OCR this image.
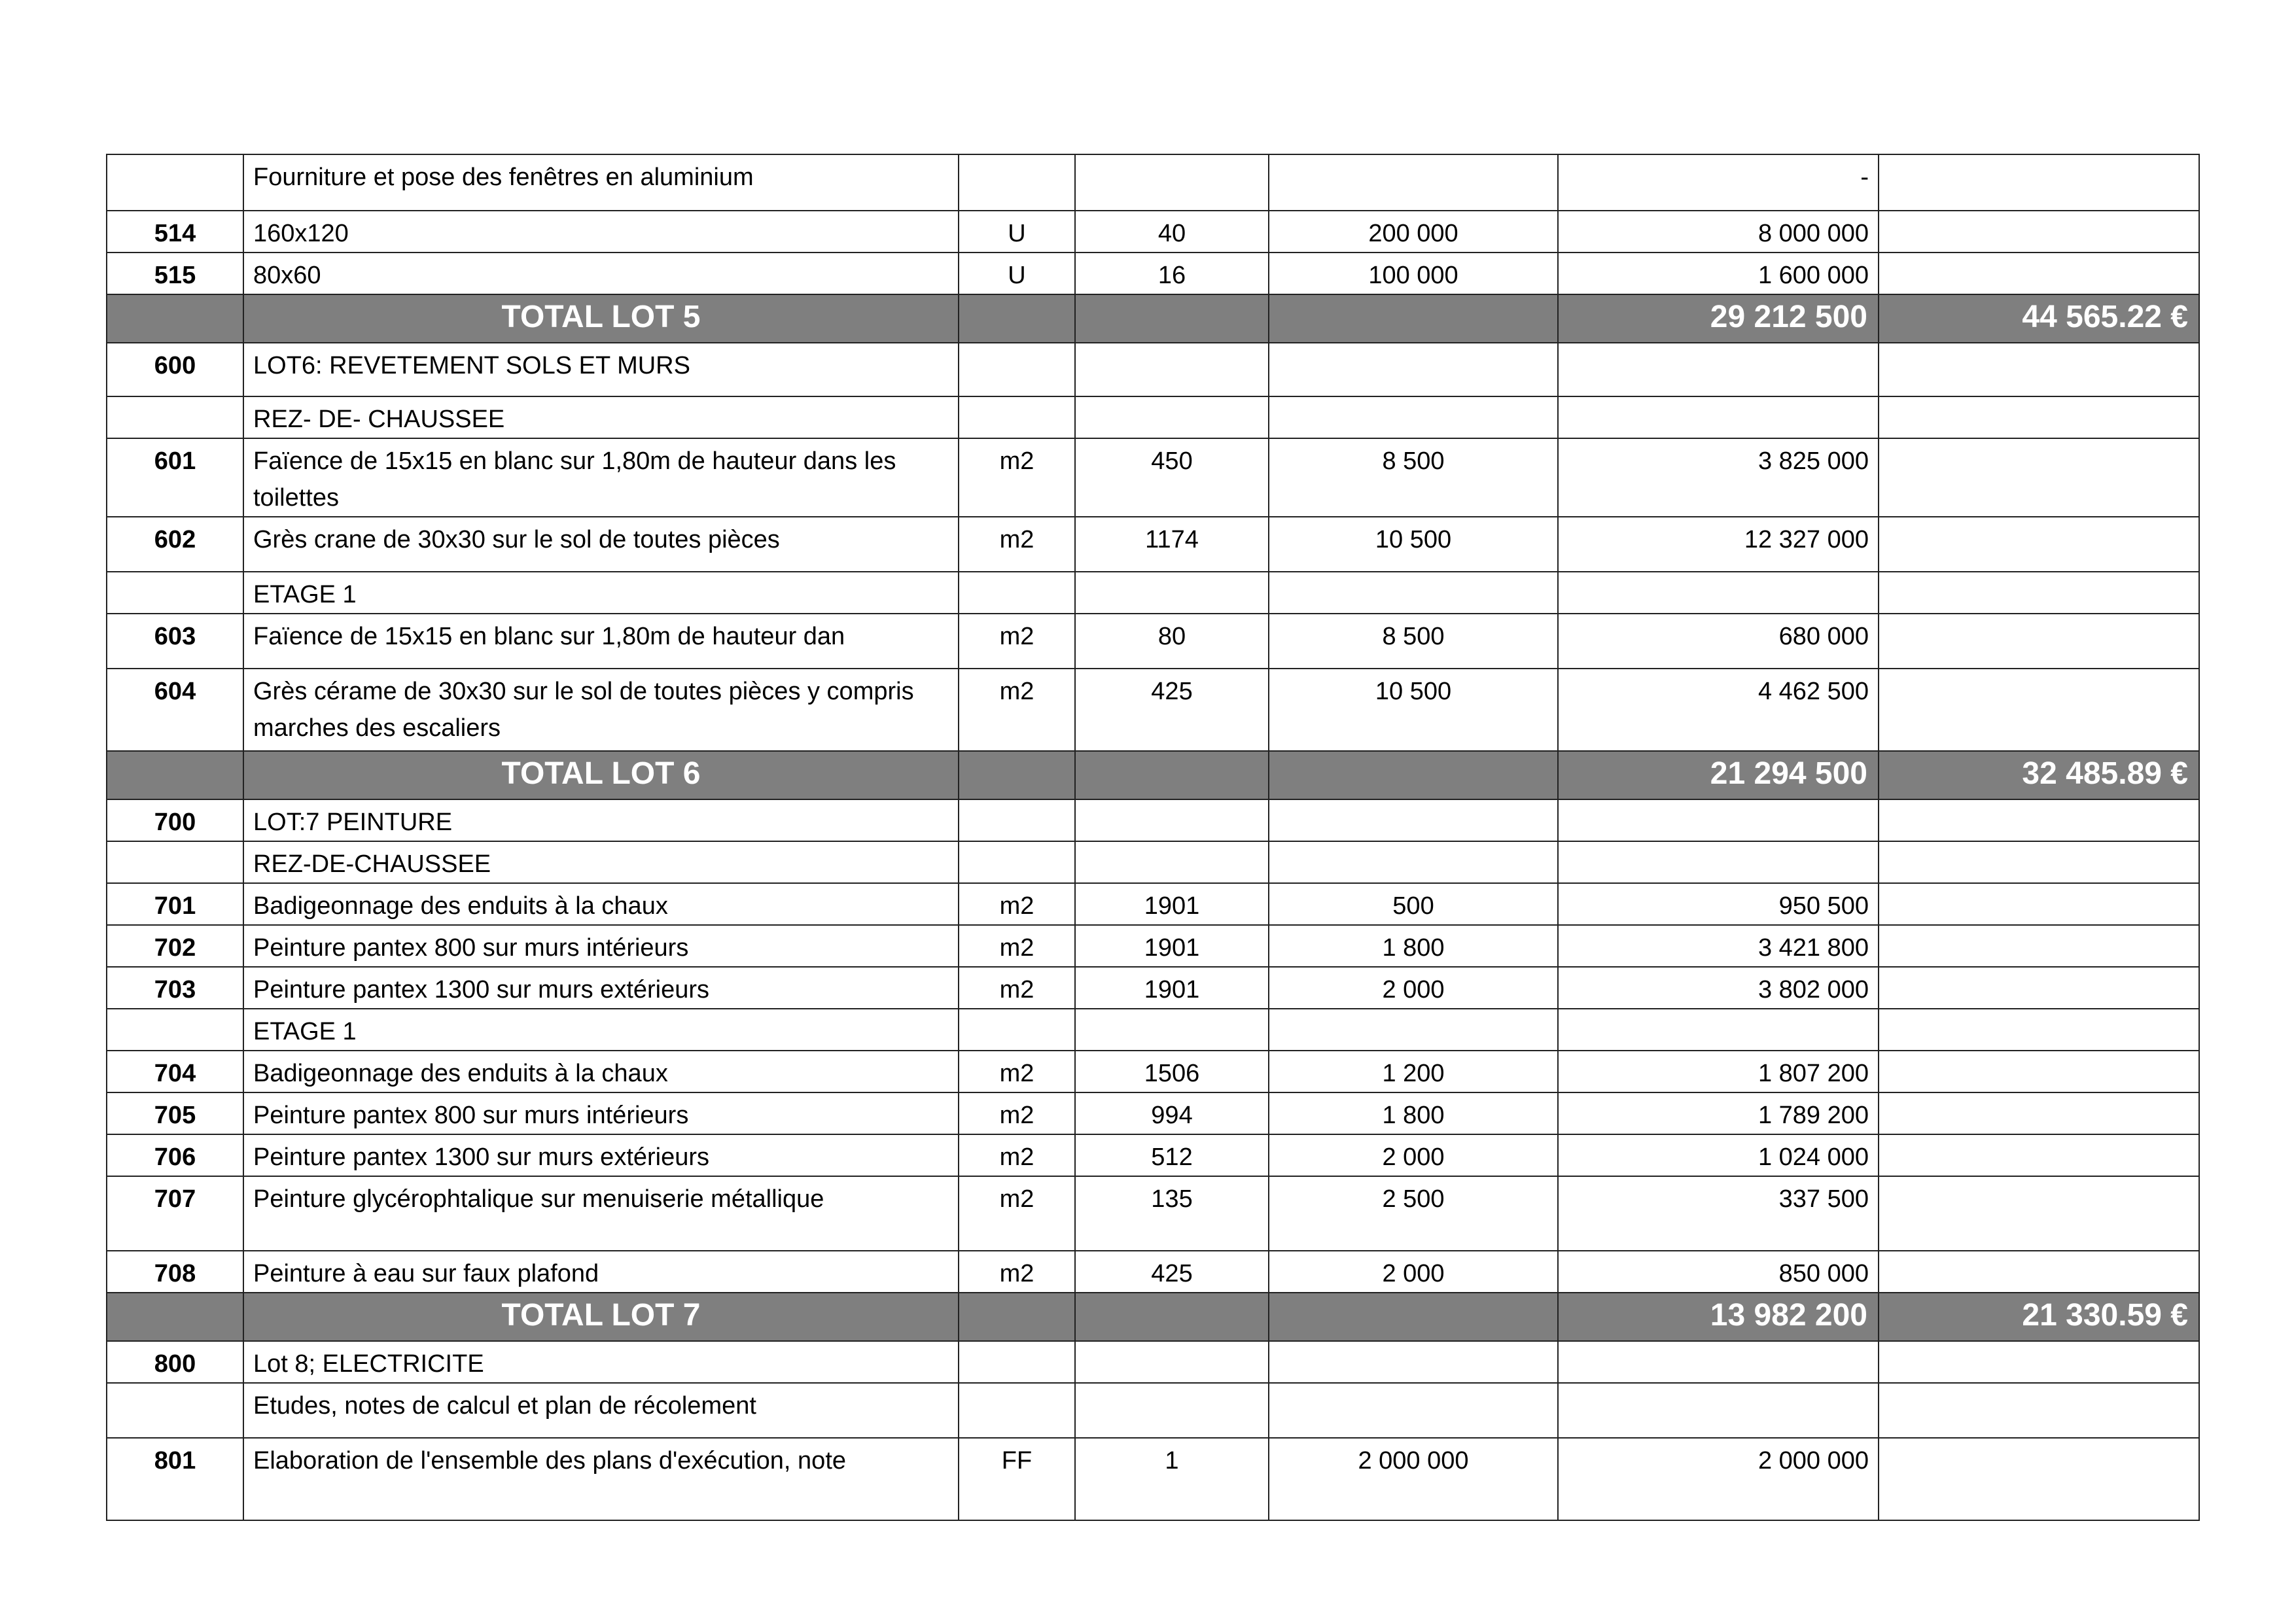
	Fourniture et pose des fenêtres en aluminium				-	
514	160x120	U	40	200 000	8 000 000	
515	80x60	U	16	100 000	1 600 000	
	TOTAL LOT 5				29 212 500	44 565.22 €
600	LOT6: REVETEMENT SOLS ET MURS					
	REZ- DE- CHAUSSEE					
601	Faïence de 15x15 en blanc sur 1,80m de hauteur dans les toilettes	m2	450	8 500	3 825 000	
602	Grès crane de 30x30 sur le sol de toutes pièces	m2	1174	10 500	12 327 000	
	ETAGE 1					
603	Faïence de 15x15 en blanc sur 1,80m de hauteur dan	m2	80	8 500	680 000	
604	Grès cérame de 30x30 sur le sol de toutes pièces y compris marches des escaliers	m2	425	10 500	4 462 500	
	TOTAL LOT 6				21 294 500	32 485.89 €
700	LOT:7 PEINTURE					
	REZ-DE-CHAUSSEE					
701	Badigeonnage des enduits à la chaux	m2	1901	500	950 500	
702	Peinture pantex 800 sur murs intérieurs	m2	1901	1 800	3 421 800	
703	Peinture pantex 1300 sur murs extérieurs	m2	1901	2 000	3 802 000	
	ETAGE 1					
704	Badigeonnage des enduits à la chaux	m2	1506	1 200	1 807 200	
705	Peinture pantex 800 sur murs intérieurs	m2	994	1 800	1 789 200	
706	Peinture pantex 1300 sur murs extérieurs	m2	512	2 000	1 024 000	
707	Peinture glycérophtalique sur menuiserie métallique	m2	135	2 500	337 500	
708	Peinture à eau sur faux plafond	m2	425	2 000	850 000	
	TOTAL LOT 7				13 982 200	21 330.59 €
800	Lot 8; ELECTRICITE					
	Etudes, notes de calcul et plan de récolement					
801	Elaboration de l'ensemble des plans d'exécution, note	FF	1	2 000 000	2 000 000	
